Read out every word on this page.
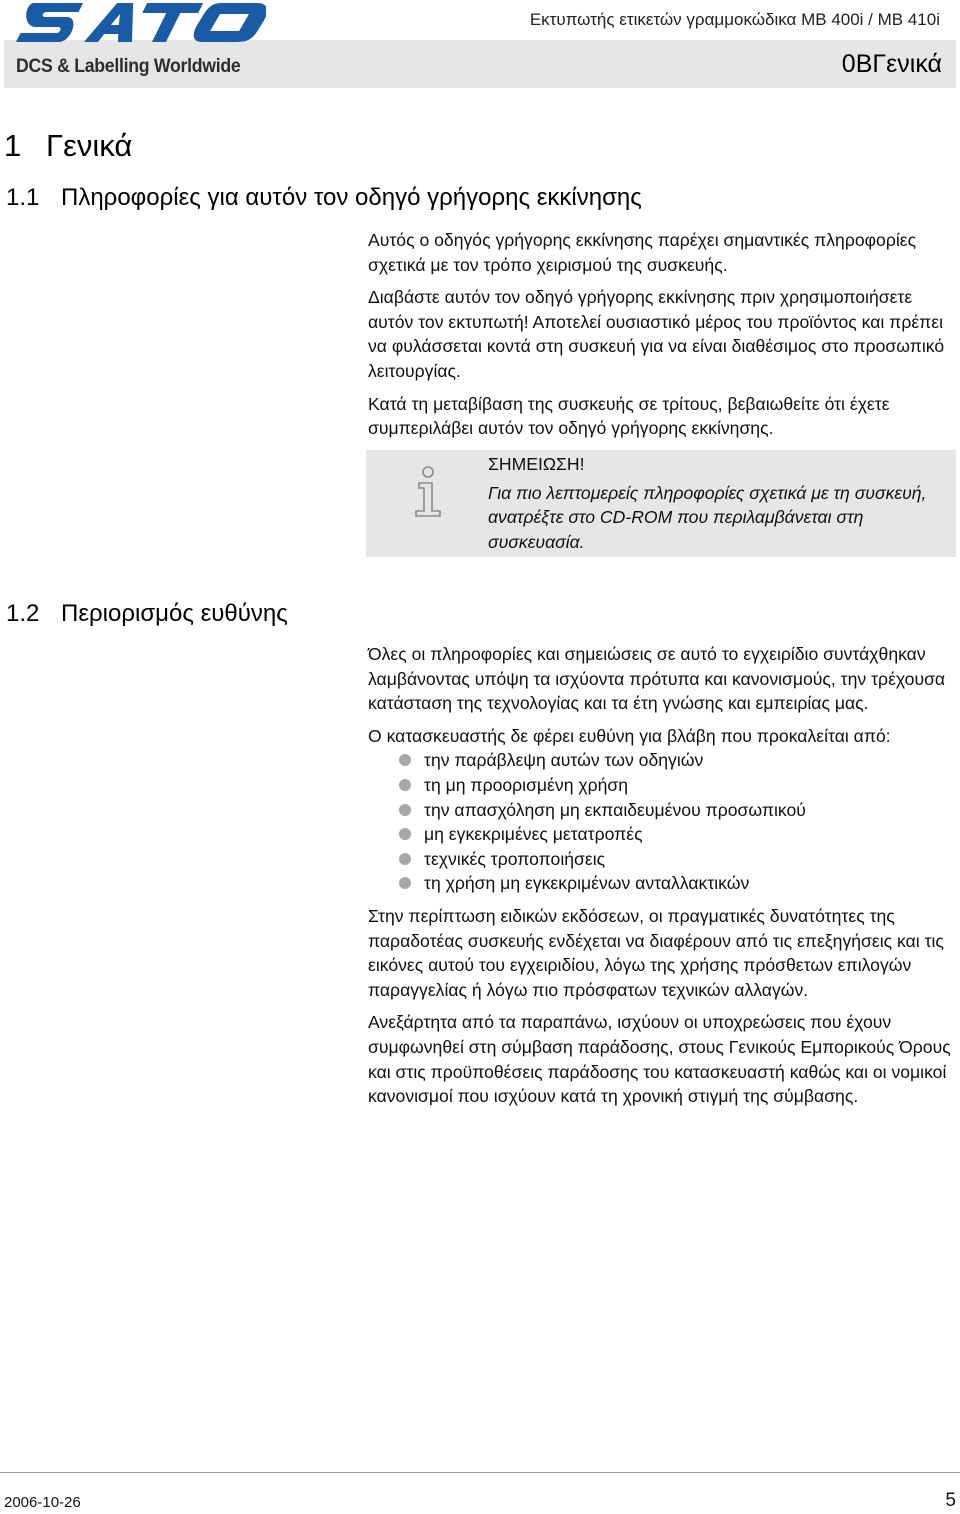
DCS & Labelling Worldwide
Εκτυπωτής ετικετών γραμμοκώδικα MB 400i / MB 410i
0ΒΓενικά
1 Γενικά
1.1 Πληροφορίες για αυτόν τον οδηγό γρήγορης εκκίνησης

Αυτός ο οδηγός γρήγορης εκκίνησης παρέχει σημαντικές πληροφορίες σχετικά με τον τρόπο χειρισμού της συσκευής.

Διαβάστε αυτόν τον οδηγό γρήγορης εκκίνησης πριν χρησιμοποιήσετε αυτόν τον εκτυπωτή! Αποτελεί ουσιαστικό μέρος του προϊόντος και πρέπει να φυλάσσεται κοντά στη συσκευή για να είναι διαθέσιμος στο προσωπικό λειτουργίας.

Κατά τη μεταβίβαση της συσκευής σε τρίτους, βεβαιωθείτε ότι έχετε συμπεριλάβει αυτόν τον οδηγό γρήγορης εκκίνησης.

ΣΗΜΕΙΩΣΗ!

Για πιο λεπτομερείς πληροφορίες σχετικά με τη συσκευή, ανατρέξτε στο CD-ROM που περιλαμβάνεται στη συσκευασία.

1.2 Περιορισμός ευθύνης

Όλες οι πληροφορίες και σημειώσεις σε αυτό το εγχειρίδιο συντάχθηκαν λαμβάνοντας υπόψη τα ισχύοντα πρότυπα και κανονισμούς, την τρέχουσα κατάσταση της τεχνολογίας και τα έτη γνώσης και εμπειρίας μας.

Ο κατασκευαστής δε φέρει ευθύνη για βλάβη που προκαλείται από:

την παράβλεψη αυτών των οδηγιών
τη μη προορισμένη χρήση
την απασχόληση μη εκπαιδευμένου προσωπικού
μη εγκεκριμένες μετατροπές
τεχνικές τροποποιήσεις
τη χρήση μη εγκεκριμένων ανταλλακτικών

Στην περίπτωση ειδικών εκδόσεων, οι πραγματικές δυνατότητες της παραδοτέας συσκευής ενδέχεται να διαφέρουν από τις επεξηγήσεις και τις εικόνες αυτού του εγχειριδίου, λόγω της χρήσης πρόσθετων επιλογών παραγγελίας ή λόγω πιο πρόσφατων τεχνικών αλλαγών.

Ανεξάρτητα από τα παραπάνω, ισχύουν οι υποχρεώσεις που έχουν συμφωνηθεί στη σύμβαση παράδοσης, στους Γενικούς Εμπορικούς Όρους και στις προϋποθέσεις παράδοσης του κατασκευαστή καθώς και οι νομικοί κανονισμοί που ισχύουν κατά τη χρονική στιγμή της σύμβασης.

2006-10-26	5
